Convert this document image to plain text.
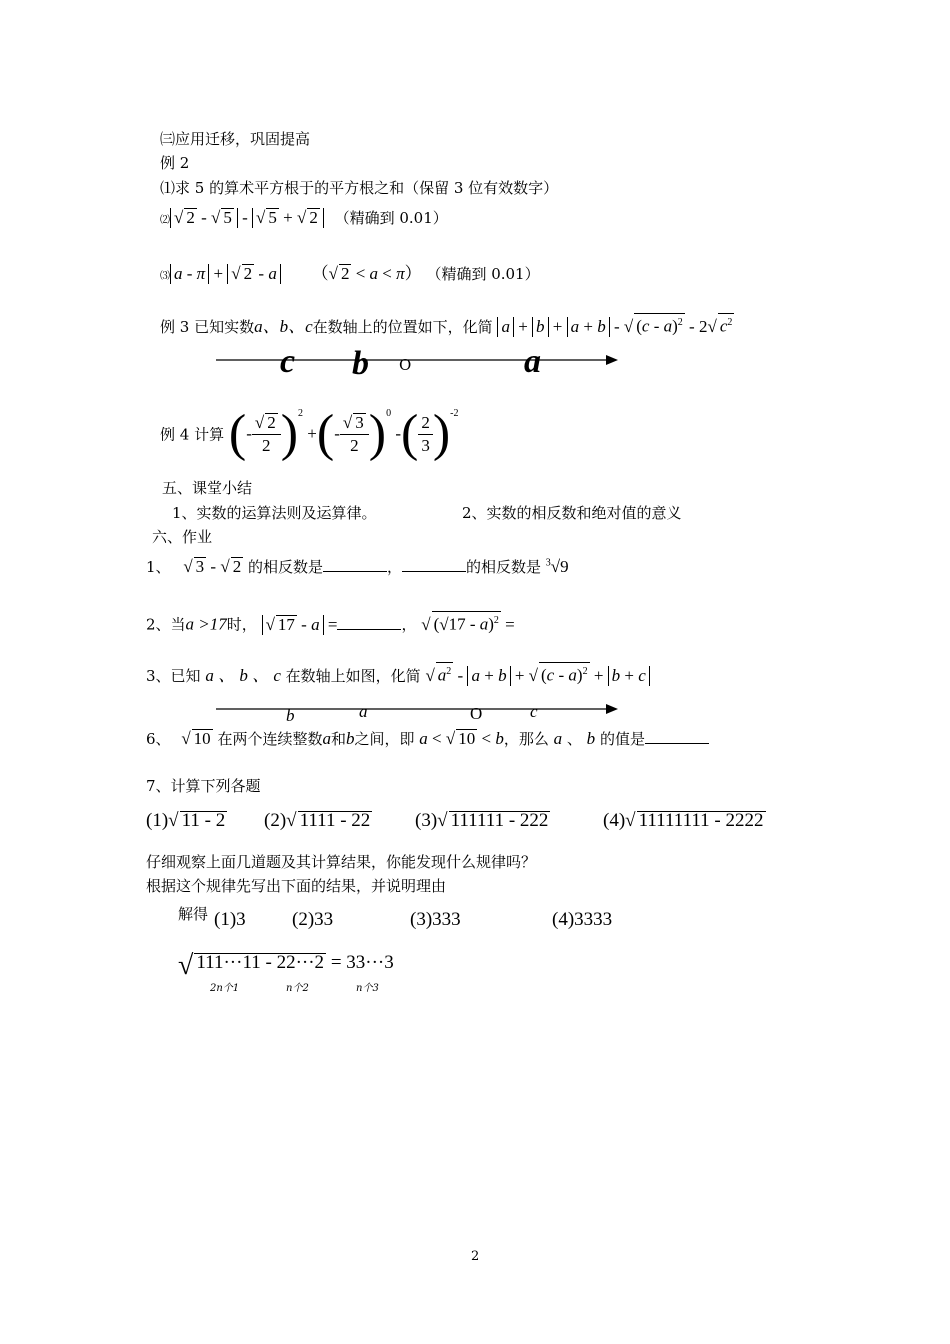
㈢应用迁移，巩固提高
例 2
⑴求 5 的算术平方根于的平方根之和（保留 3 位有效数字）
⑵ √ 2 - √ 5 - √ 5 + √ 2 （精确到 0.01）
⑶ a - π + √ 2 - a （ √ 2 < a < π） （精确到 0.01）
例 3 已知实数a、b、c在数轴上的位置如下，化简 a + b + a + b - √ (c - a)$^2$ - 2 √ $c^2$
c b O	a
例 4 计算 (- √ $\frac{2}{2} )^2$ +(- √ $\frac{3}{2} )^0$ -( $\frac{2}{3} )^{-2}$
五、课堂小结
1、实数的运算法则及运算律。	2、实数的相反数和绝对值的意义
六、作业
1、 √ 3 - √ 2 的相反数是	，	的相反数是 $^3$ √ 9
2、当a >17时， √ 17 - a =	， √ ( √ 17 - a)$^2$ =
3、已知 a 、 b 、 c 在数轴上如图，化简 √ $a^2 - a + b$ + √ (c - a)$^2$ + b + c
b	a	O	c
6、 √ 10 在两个连续整数a和b之间，即 a < √ 10 < b，那么 a 、 b 的值是
7、计算下列各题
(1) √ 11 - 2 (2) √ 1111 - 22 (3) √ 111111 - 222	(4) √ 11111111 - 2222
仔细观察上面几道题及其计算结果，你能发现什么规律吗？
根据这个规律先写出下面的结果，并说明理由
解得 (1)3 (2)33	(3)333	(4)3333
√ 111···11 - 22···2 = 33···3
2n个1	n个2	n个3
2
